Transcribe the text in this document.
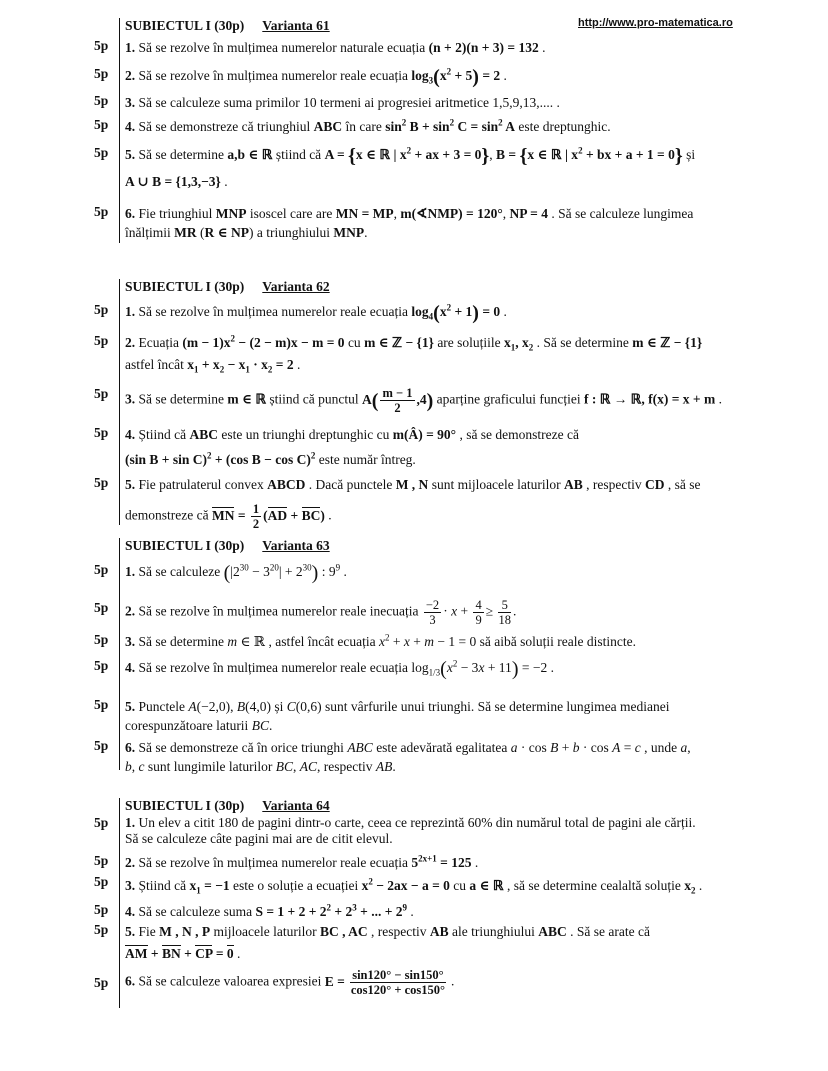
http://www.pro-matematica.ro
SUBIECTUL I (30p) Varianta 61
5p 1. Să se rezolve în mulțimea numerelor naturale ecuația (n + 2)(n + 3) = 132 .
5p 2. Să se rezolve în mulțimea numerelor reale ecuația $\log_3(x^2 + 5) = 2$ .
5p 3. Să se calculeze suma primilor 10 termeni ai progresiei aritmetice 1,5,9,13,.... .
5p 4. Să se demonstreze că triunghiul ABC în care $\sin^2 B + \sin^2 C = \sin^2 A$ este dreptunghic.
5p 5. Să se determine a,b ∈ ℝ știind că A = {x ∈ ℝ | $x^2$ + ax + 3 = 0}, B = {x ∈ ℝ | $x^2$ + bx + a + 1 = 0} și
A ∪ B = {1,3,−3} .
5p 6. Fie triunghiul MNP isoscel care are MN = MP, m(∢NMP) = 120°, NP = 4 . Să se calculeze lungimea
înălțimii MR (R ∈ NP) a triunghiului MNP.
SUBIECTUL I (30p) Varianta 62
5p 1. Să se rezolve în mulțimea numerelor reale ecuația $\log_4(x^2 + 1) = 0$ .
5p 2. Ecuația $(m - 1)x^2 - (2 - m)x - m = 0$ cu m ∈ ℤ − {1} are soluțiile $x_1$, $x_2$ . Să se determine m ∈ ℤ − {1}
astfel încât $x_1 + x_2 - x_1 \cdot x_2 = 2$ .
5p 3. Să se determine m ∈ ℝ știind că punctul $A( \frac{m - 1}{2} ,4)$ aparține graficului funcției f : ℝ → ℝ, f(x) = x + m .
5p 4. Știind că ABC este un triunghi dreptunghic cu m(Â) = 90° , să se demonstreze că
(sin B + sin C)$^2$ + (cos B − cos C)$^2$ este număr întreg.
5p 5. Fie patrulaterul convex ABCD . Dacă punctele M , N sunt mijloacele laturilor AB , respectiv CD , să se
demonstreze că MN = $\frac{1}{2} (AD + BC)$ .
SUBIECTUL I (30p) Varianta 63
5p 1. Să se calculeze $(|2^{30} - 3^{20}| + 2^{30})$ : $9^9$ .
5p 2. Să se rezolve în mulțimea numerelor reale inecuația $\frac{-2}{3} \cdot x + \frac{4}{9} \ge \frac{5}{18}$ .
5p 3. Să se determine m ∈ ℝ , astfel încât ecuația $x^2 + x + m - 1 = 0$ să aibă soluții reale distincte.
5p 4. Să se rezolve în mulțimea numerelor reale ecuația $\log_{1/3}(x^2 - 3x + 11) = -2$ .
5p 5. Punctele A(−2,0), B(4,0) și C(0,6) sunt vârfurile unui triunghi. Să se determine lungimea medianei
corespunzătoare laturii BC.
5p 6. Să se demonstreze că în orice triunghi ABC este adevărată egalitatea a · cos B + b · cos A = c , unde a,
b, c sunt lungimile laturilor BC, AC, respectiv AB.
SUBIECTUL I (30p) Varianta 64
5p 1. Un elev a citit 180 de pagini dintr-o carte, ceea ce reprezintă 60% din numărul total de pagini ale cărții.
Să se calculeze câte pagini mai are de citit elevul.
5p 2. Să se rezolve în mulțimea numerelor reale ecuația $5^{2x+1} = 125$ .
5p 3. Știind că $x_1 = -1$ este o soluție a ecuației $x^2 - 2ax - a = 0$ cu a ∈ ℝ , să se determine cealaltă soluție $x_2$ .
5p 4. Să se calculeze suma $S = 1 + 2 + 2^2 + 2^3$ + ... + $2^9$ .
5p 5. Fie M , N , P mijloacele laturilor BC , AC , respectiv AB ale triunghiului ABC . Să se arate că
AM + BN + CP = 0 .
5p 6. Să se calculeze valoarea expresiei $E = \frac{\sin 120^\circ - \sin 150^\circ}{\cos 120^\circ + \cos 150^\circ}$ .
